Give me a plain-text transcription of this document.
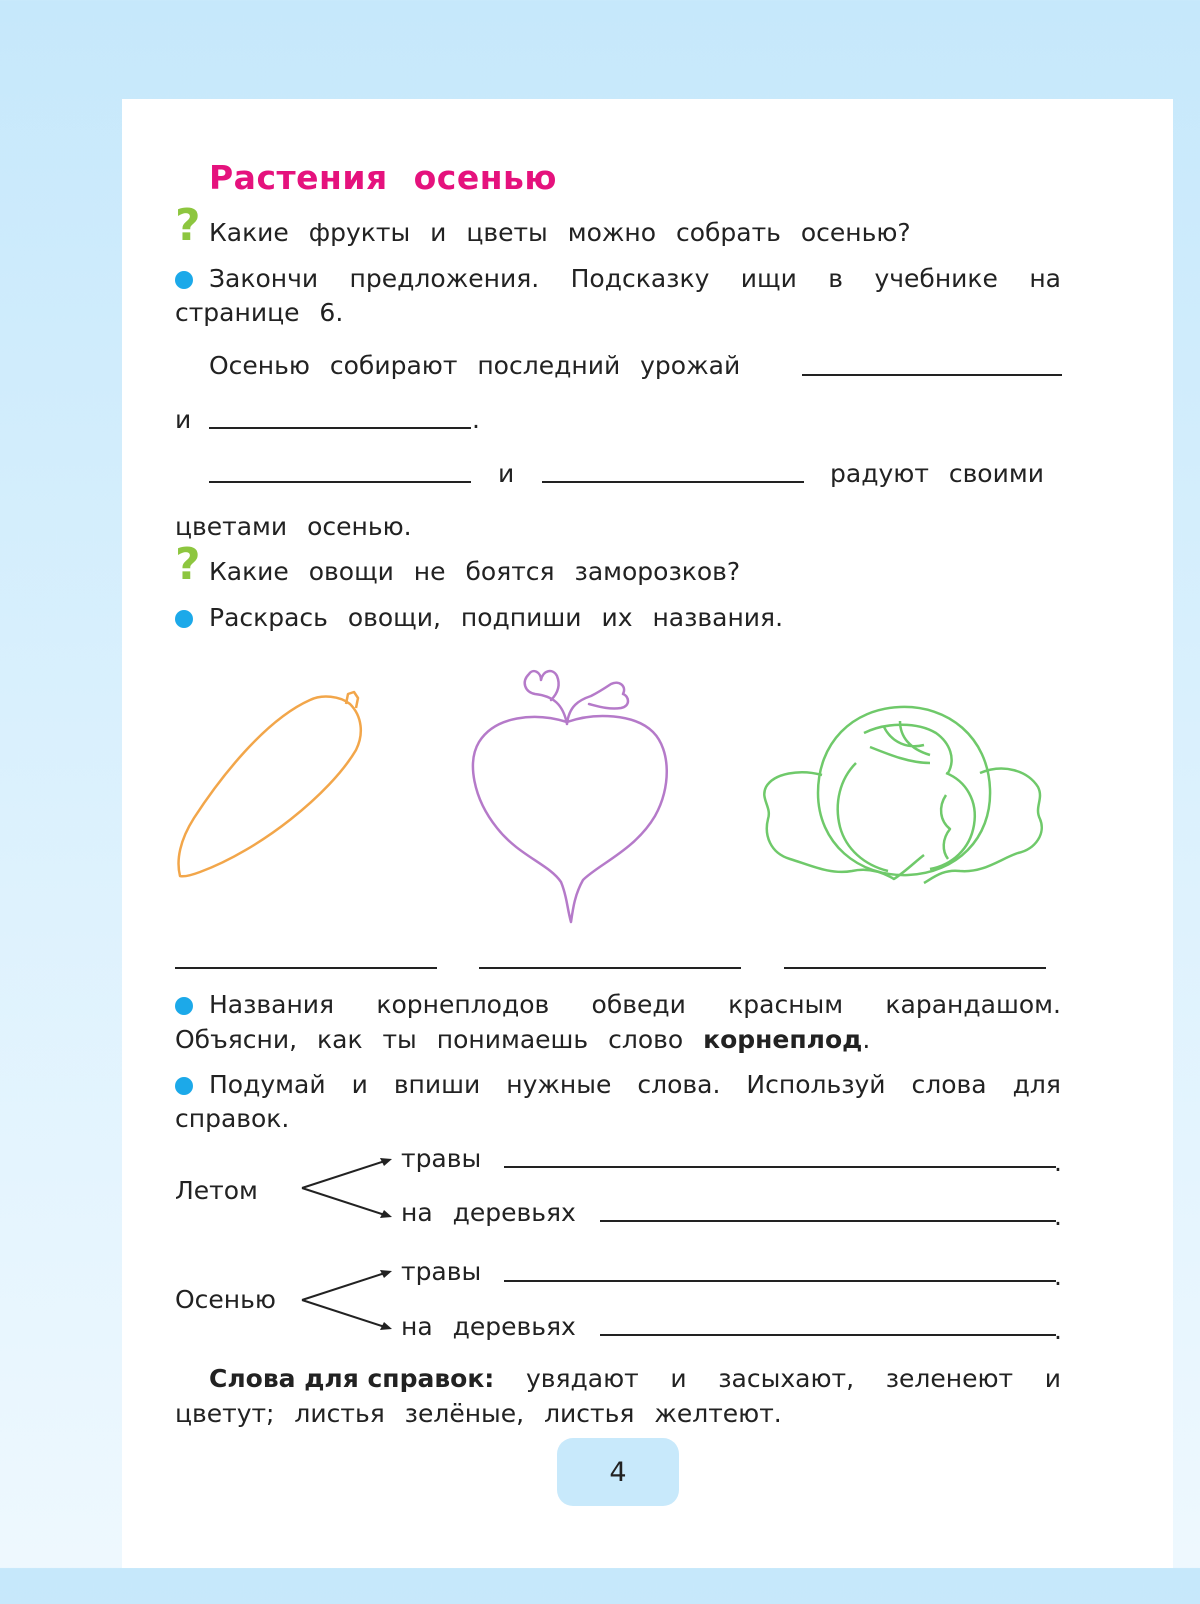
Растения осенью
? Какие фрукты и цветы можно собрать осенью?
Закончи предложения. Подсказку ищи в учебнике на
странице 6.
Осенью собирают последний урожай
и	.
и	радуют своими
цветами осенью.
? Какие овощи не боятся заморозков?
Раскрась овощи, подпиши их названия.
Названия корнеплодов обведи красным карандашом.
Объясни, как ты понимаешь слово корнеплод.
Подумай и впиши нужные слова. Используй слова для
справок.
Летом
травы	.
на деревьях	.
Осенью
травы	.
на деревьях	.
Слова для справок: увядают и засыхают, зеленеют и
цветут; листья зелёные, листья желтеют.
4
